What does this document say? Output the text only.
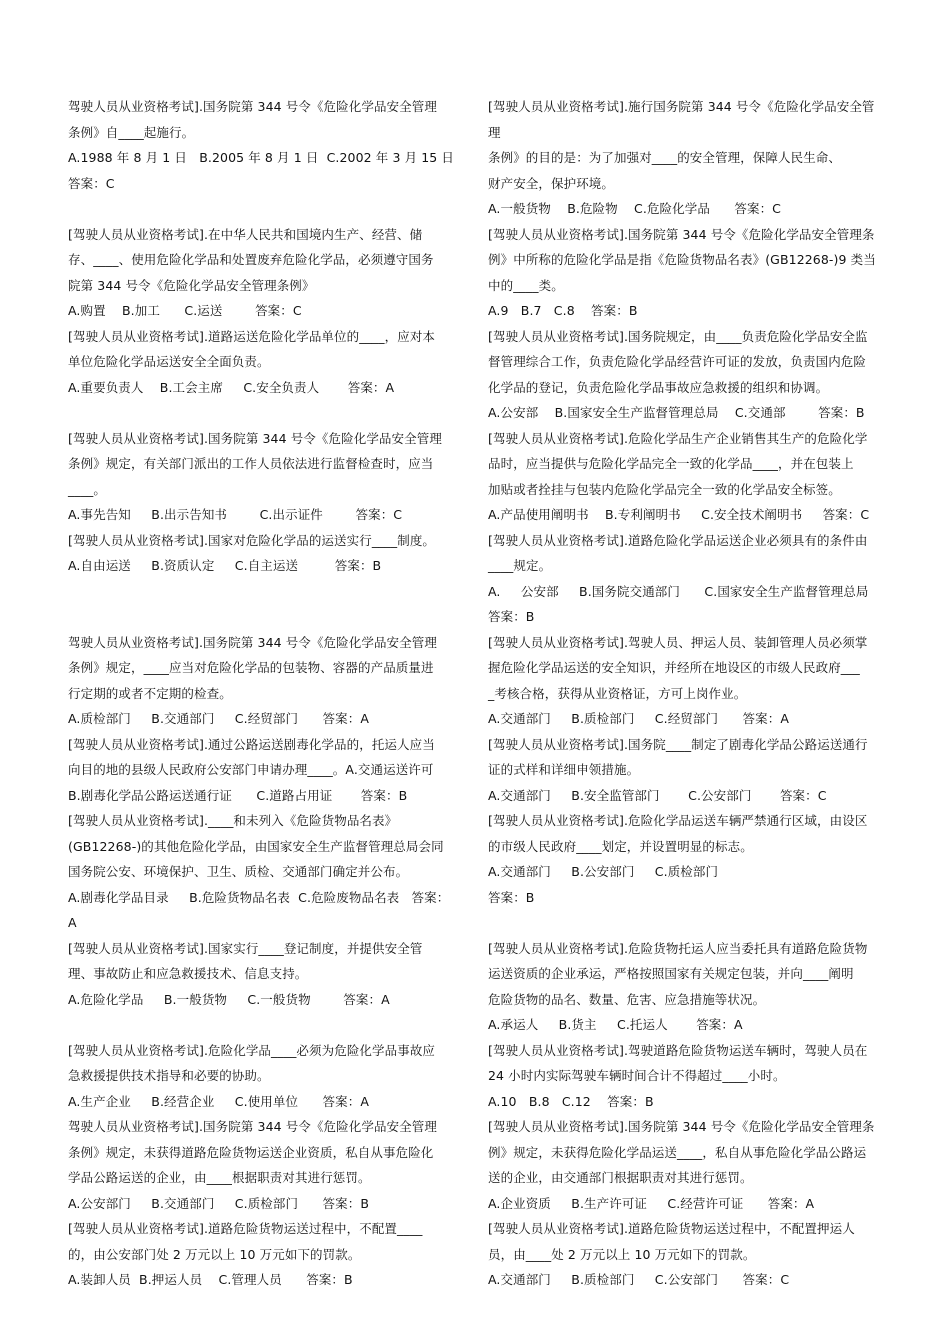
驾驶人员从业资格考试].国务院第 344 号令《危险化学品安全管理
条例》自____起施行。
A.1988 年 8 月 1 日   B.2005 年 8 月 1 日  C.2002 年 3 月 15 日
答案：C
[驾驶人员从业资格考试].施行国务院第 344 号令《危险化学品安全管理
条例》的目的是：为了加强对____的安全管理，保障人民生命、
财产安全，保护环境。
A.一般货物    B.危险物    C.危险化学品      答案：C
[驾驶人员从业资格考试].在中华人民共和国境内生产、经营、储
存、____、使用危险化学品和处置废弃危险化学品，必须遵守国务
院第 344 号令《危险化学品安全管理条例》
A.购置    B.加工      C.运送        答案：C
[驾驶人员从业资格考试].国务院第 344 号令《危险化学品安全管理条
例》中所称的危险化学品是指《危险货物品名表》(GB12268-)9 类当
中的____类。
A.9   B.7   C.8    答案：B
[驾驶人员从业资格考试].道路运送危险化学品单位的____，应对本
单位危险化学品运送安全全面负责。
A.重要负责人    B.工会主席     C.安全负责人       答案：A
[驾驶人员从业资格考试].国务院规定，由____负责危险化学品安全监
督管理综合工作，负责危险化学品经营许可证的发放，负责国内危险
化学品的登记，负责危险化学品事故应急救援的组织和协调。
A.公安部    B.国家安全生产监督管理总局    C.交通部        答案：B
[驾驶人员从业资格考试].国务院第 344 号令《危险化学品安全管理
条例》规定，有关部门派出的工作人员依法进行监督检查时，应当
____。
A.事先告知     B.出示告知书        C.出示证件        答案：C
[驾驶人员从业资格考试].危险化学品生产企业销售其生产的危险化学
品时，应当提供与危险化学品完全一致的化学品____，并在包装上
加贴或者拴挂与包装内危险化学品完全一致的化学品安全标签。
A.产品使用阐明书    B.专利阐明书     C.安全技术阐明书     答案：C
[驾驶人员从业资格考试].国家对危险化学品的运送实行____制度。
A.自由运送     B.资质认定     C.自主运送         答案：B
[驾驶人员从业资格考试].道路危险化学品运送企业必须具有的条件由
____规定。
A.     公安部     B.国务院交通部门      C.国家安全生产监督管理总局
答案：B
驾驶人员从业资格考试].国务院第 344 号令《危险化学品安全管理
条例》规定，____应当对危险化学品的包装物、容器的产品质量进
行定期的或者不定期的检查。
A.质检部门     B.交通部门     C.经贸部门      答案：A
[驾驶人员从业资格考试].驾驶人员、押运人员、装卸管理人员必须掌
握危险化学品运送的安全知识，并经所在地设区的市级人民政府___
_考核合格，获得从业资格证，方可上岗作业。
A.交通部门     B.质检部门     C.经贸部门      答案：A
[驾驶人员从业资格考试].通过公路运送剧毒化学品的，托运人应当
向目的地的县级人民政府公安部门申请办理____。A.交通运送许可
B.剧毒化学品公路运送通行证      C.道路占用证       答案：B
[驾驶人员从业资格考试].国务院____制定了剧毒化学品公路运送通行
证的式样和详细申领措施。
A.交通部门     B.安全监管部门       C.公安部门       答案：C
[驾驶人员从业资格考试].____和未列入《危险货物品名表》
(GB12268-)的其他危险化学品，由国家安全生产监督管理总局会同
国务院公安、环境保护、卫生、质检、交通部门确定并公布。
A.剧毒化学品目录     B.危险货物品名表  C.危险废物品名表   答案：
A
[驾驶人员从业资格考试].危险化学品运送车辆严禁通行区域，由设区
的市级人民政府____划定，并设置明显的标志。
A.交通部门     B.公安部门     C.质检部门
答案：B
[驾驶人员从业资格考试].国家实行____登记制度，并提供安全管
理、事故防止和应急救援技术、信息支持。
A.危险化学品     B.一般货物     C.一般货物        答案：A
[驾驶人员从业资格考试].危险货物托运人应当委托具有道路危险货物
运送资质的企业承运，严格按照国家有关规定包装，并向____阐明
危险货物的品名、数量、危害、应急措施等状况。
A.承运人     B.货主     C.托运人       答案：A
[驾驶人员从业资格考试].危险化学品____必须为危险化学品事故应
急救援提供技术指导和必要的协助。
A.生产企业     B.经营企业     C.使用单位      答案：A
[驾驶人员从业资格考试].驾驶道路危险货物运送车辆时，驾驶人员在
24 小时内实际驾驶车辆时间合计不得超过____小时。
A.10   B.8   C.12    答案：B
驾驶人员从业资格考试].国务院第 344 号令《危险化学品安全管理
条例》规定，未获得道路危险货物运送企业资质，私自从事危险化
学品公路运送的企业，由____根据职责对其进行惩罚。
A.公安部门     B.交通部门     C.质检部门      答案：B
[驾驶人员从业资格考试].国务院第 344 号令《危险化学品安全管理条
例》规定，未获得危险化学品运送____，私自从事危险化学品公路运
送的企业，由交通部门根据职责对其进行惩罚。
A.企业资质     B.生产许可证     C.经营许可证      答案：A
[驾驶人员从业资格考试].道路危险货物运送过程中，不配置____
的，由公安部门处 2 万元以上 10 万元如下的罚款。
A.装卸人员  B.押运人员    C.管理人员      答案：B
[驾驶人员从业资格考试].道路危险货物运送过程中，不配置押运人
员，由____处 2 万元以上 10 万元如下的罚款。
A.交通部门     B.质检部门     C.公安部门      答案：C
